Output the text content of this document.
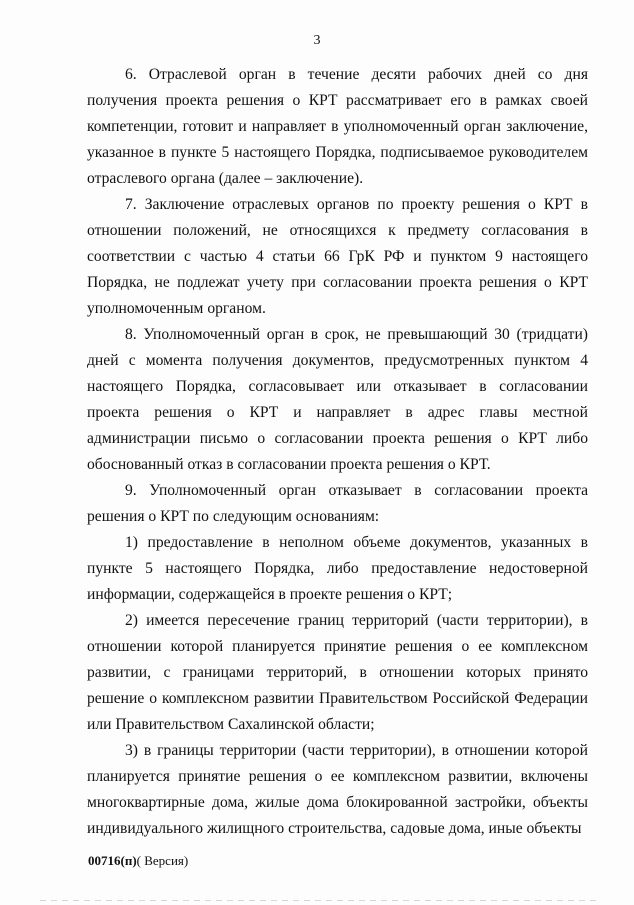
3

6. Отраслевой орган в течение десяти рабочих дней со дня получения проекта решения о КРТ рассматривает его в рамках своей компетенции, готовит и направляет в уполномоченный орган заключение, указанное в пункте 5 настоящего Порядка, подписываемое руководителем отраслевого органа (далее – заключение).

7. Заключение отраслевых органов по проекту решения о КРТ в отношении положений, не относящихся к предмету согласования в соответствии с частью 4 статьи 66 ГрК РФ и пунктом 9 настоящего Порядка, не подлежат учету при согласовании проекта решения о КРТ уполномоченным органом.

8. Уполномоченный орган в срок, не превышающий 30 (тридцати) дней с момента получения документов, предусмотренных пунктом 4 настоящего Порядка, согласовывает или отказывает в согласовании проекта решения о КРТ и направляет в адрес главы местной администрации письмо о согласовании проекта решения о КРТ либо обоснованный отказ в согласовании проекта решения о КРТ.

9. Уполномоченный орган отказывает в согласовании проекта решения о КРТ по следующим основаниям:

1) предоставление в неполном объеме документов, указанных в пункте 5 настоящего Порядка, либо предоставление недостоверной информации, содержащейся в проекте решения о КРТ;

2) имеется пересечение границ территорий (части территории), в отношении которой планируется принятие решения о ее комплексном развитии, с границами территорий, в отношении которых принято решение о комплексном развитии Правительством Российской Федерации или Правительством Сахалинской области;

3) в границы территории (части территории), в отношении которой планируется принятие решения о ее комплексном развитии, включены многоквартирные дома, жилые дома блокированной застройки, объекты индивидуального жилищного строительства, садовые дома, иные объекты

00716(п)( Версия)
